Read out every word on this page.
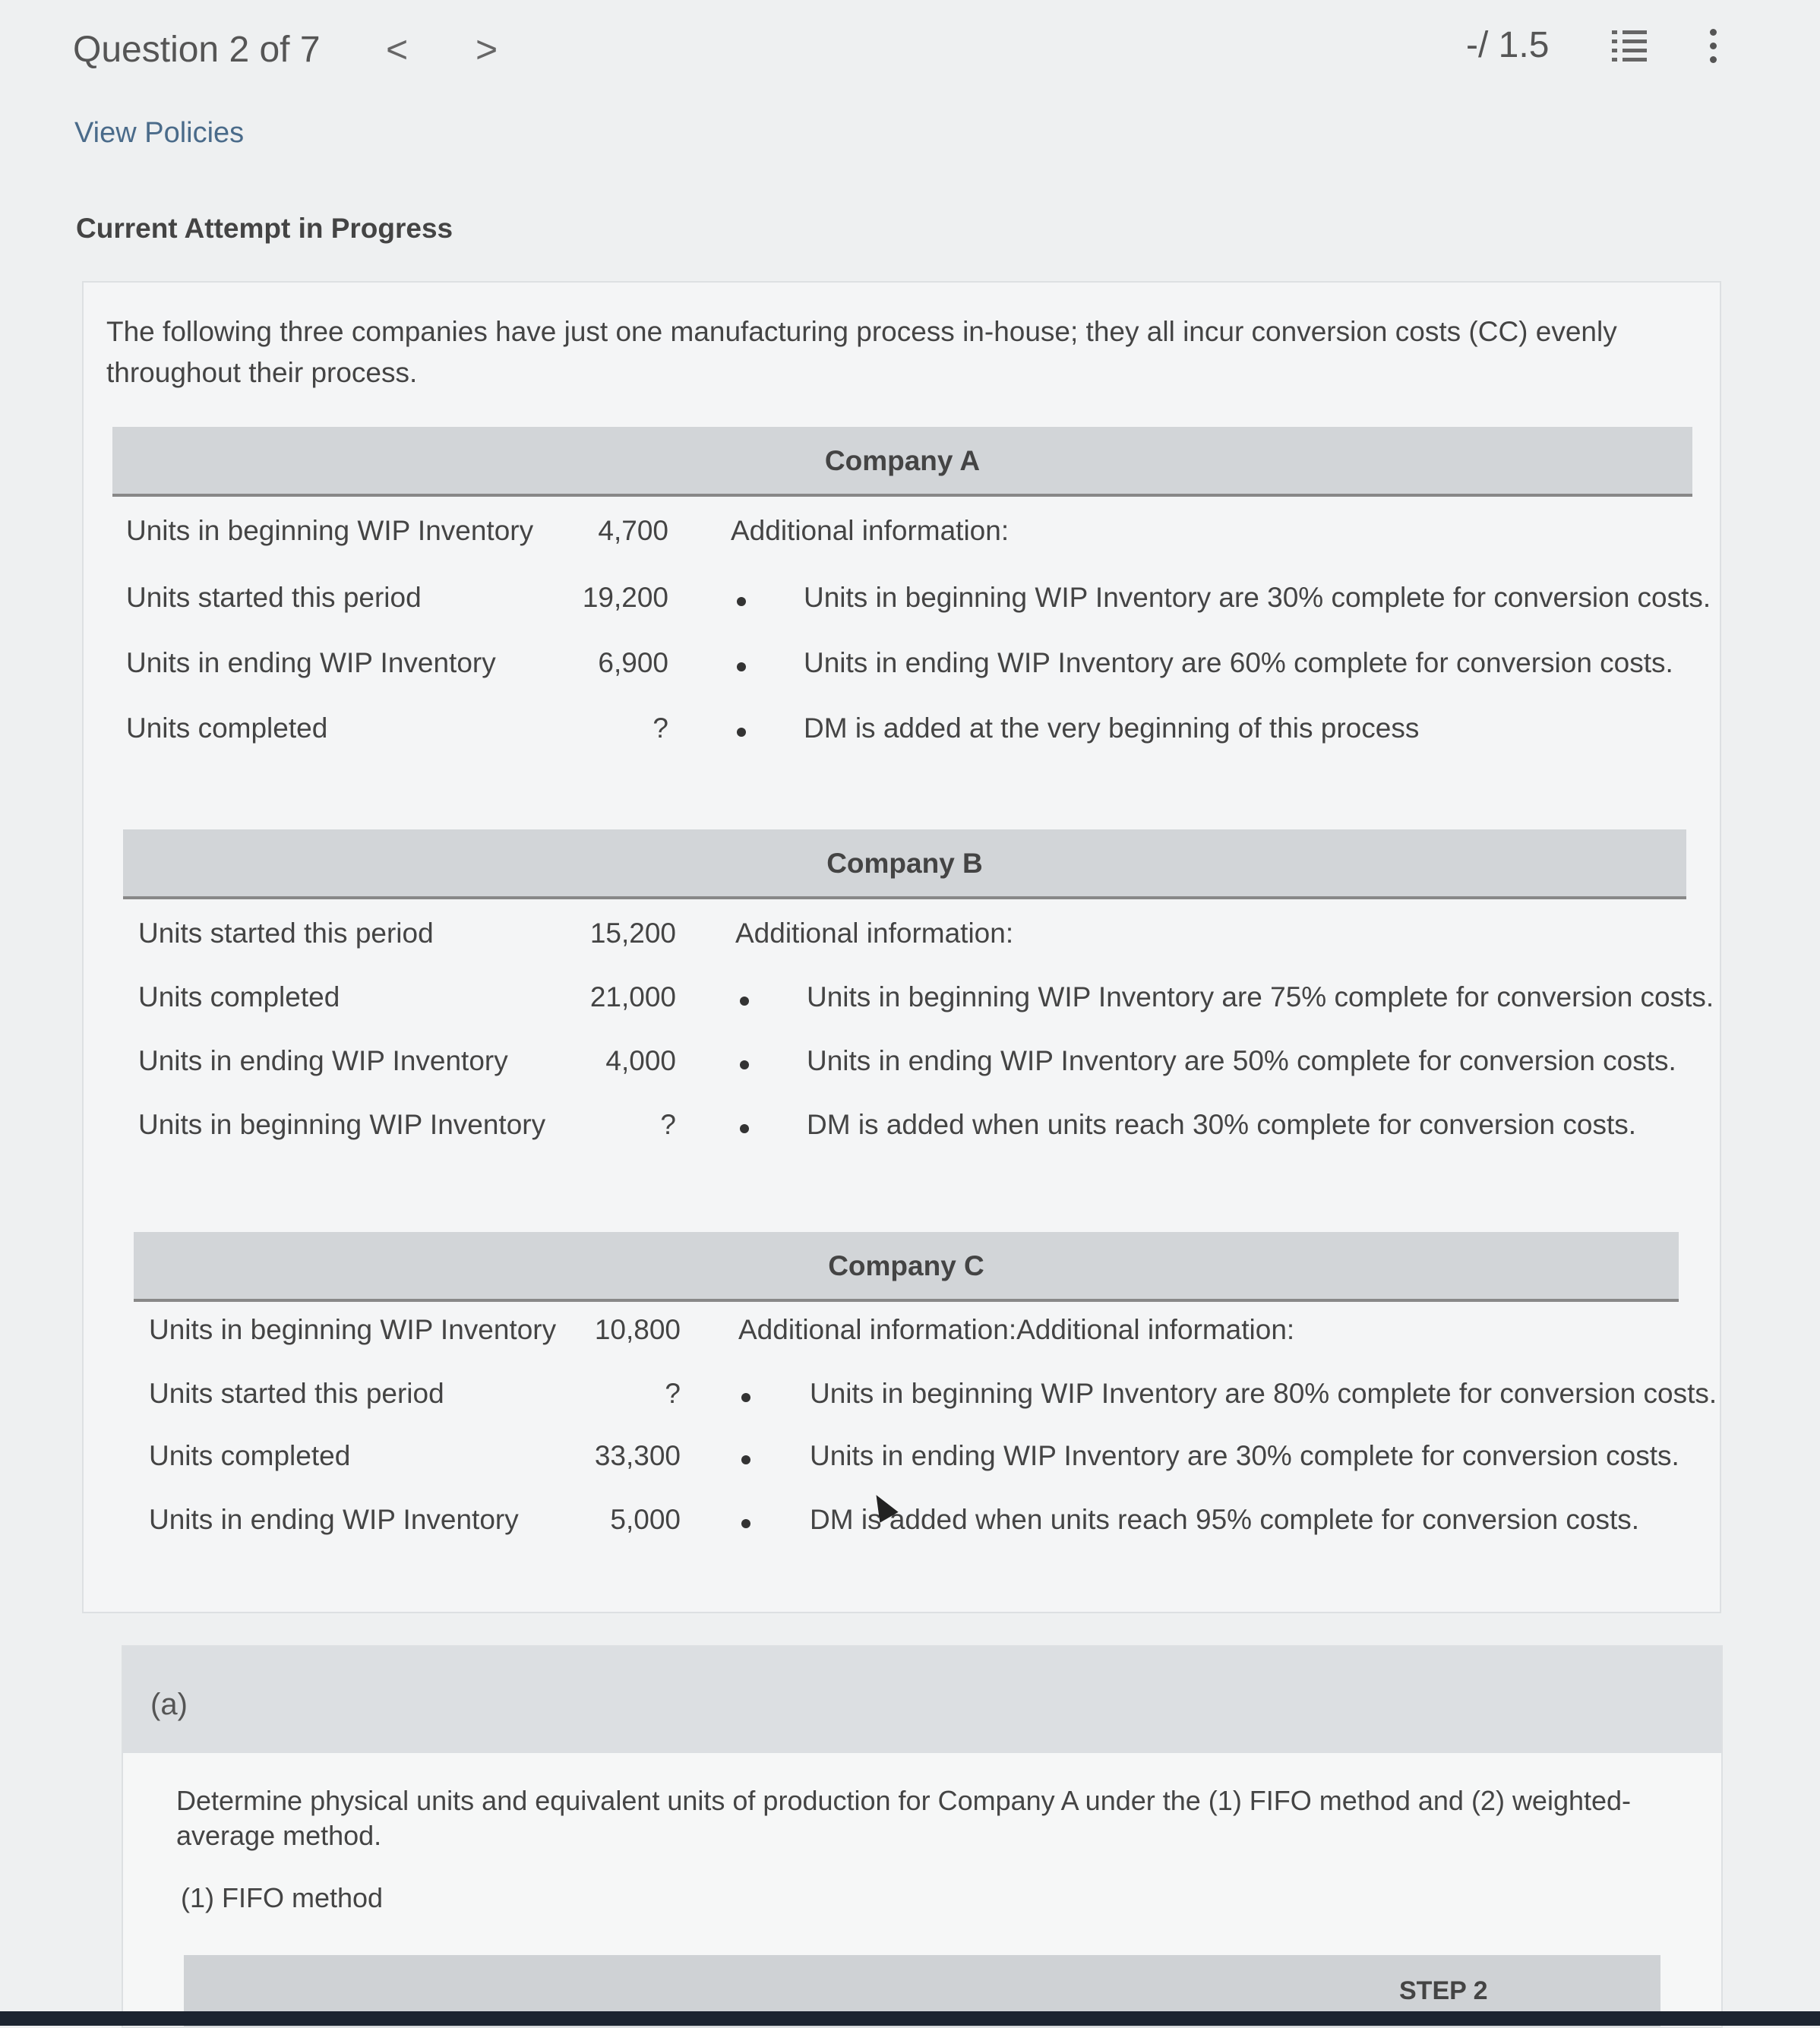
Question 2 of 7 < >	-/ 1.5
View Policies
Current Attempt in Progress
The following three companies have just one manufacturing process in-house; they all incur conversion costs (CC) evenly throughout their process.
Company A
Units in beginning WIP Inventory	4,700
Units started this period	19,200
Units in ending WIP Inventory	6,900
Units completed	?
Additional information:
Units in beginning WIP Inventory are 30% complete for conversion costs.
Units in ending WIP Inventory are 60% complete for conversion costs.
DM is added at the very beginning of this process
Company B
Units started this period	15,200
Units completed	21,000
Units in ending WIP Inventory	4,000
Units in beginning WIP Inventory	?
Additional information:
Units in beginning WIP Inventory are 75% complete for conversion costs.
Units in ending WIP Inventory are 50% complete for conversion costs.
DM is added when units reach 30% complete for conversion costs.
Company C
Units in beginning WIP Inventory	10,800
Units started this period	?
Units completed	33,300
Units in ending WIP Inventory	5,000
Additional information:Additional information:
Units in beginning WIP Inventory are 80% complete for conversion costs.
Units in ending WIP Inventory are 30% complete for conversion costs.
DM is added when units reach 95% complete for conversion costs.
(a)
Determine physical units and equivalent units of production for Company A under the (1) FIFO method and (2) weighted-average method.
(1) FIFO method
STEP 2
